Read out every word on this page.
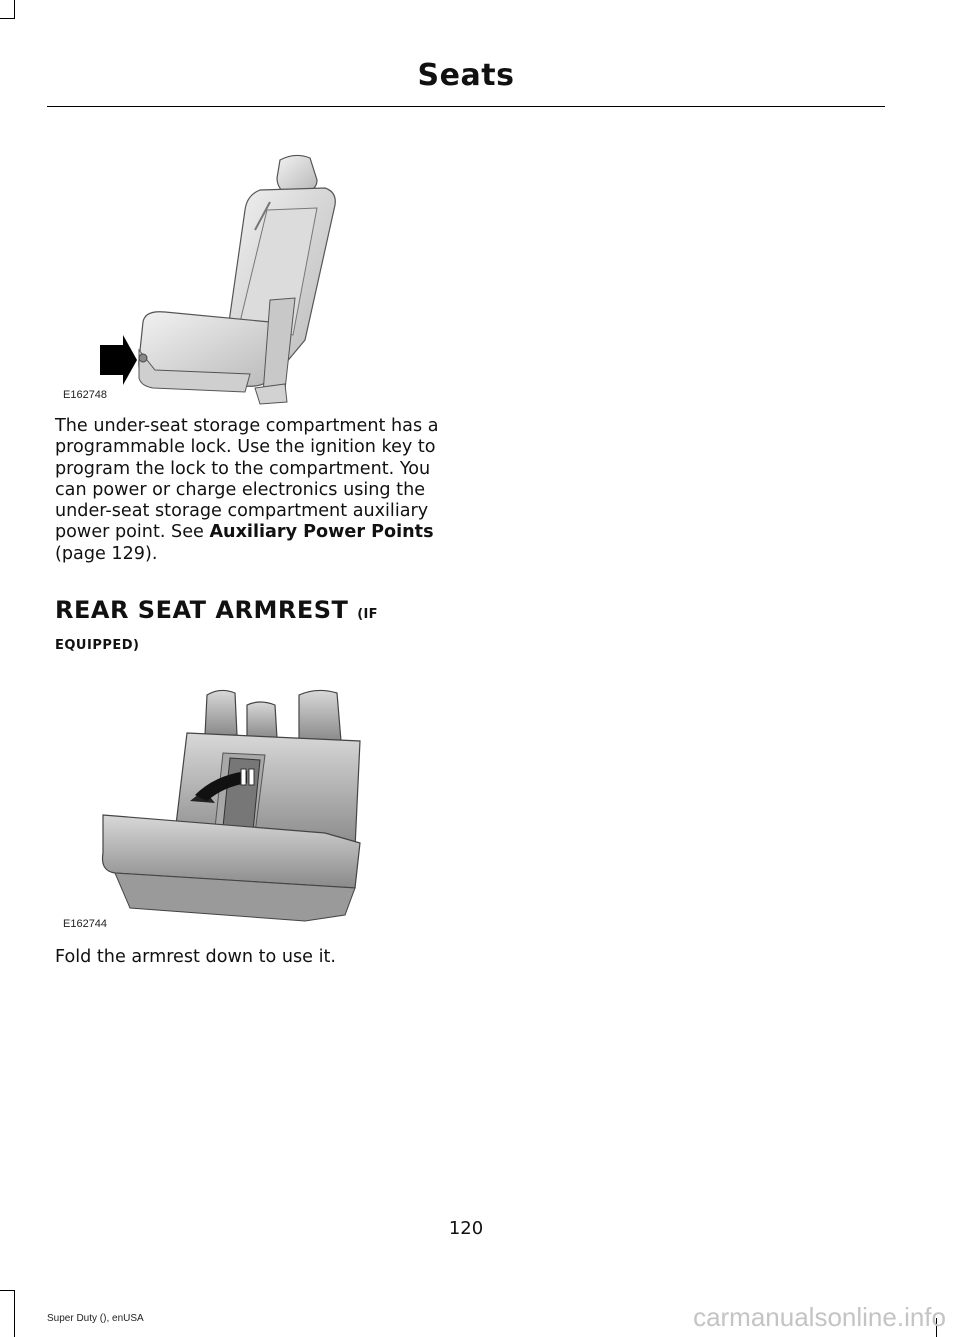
Seats
E162748
The under-seat storage compartment has a programmable lock. Use the ignition key to program the lock to the compartment. You can power or charge electronics using the under-seat storage compartment auxiliary power point. See Auxiliary Power Points (page 129).
REAR SEAT ARMREST (IF
EQUIPPED)
E162744
Fold the armrest down to use it.
120
Super Duty (), enUSA	carmanualsonline.info
